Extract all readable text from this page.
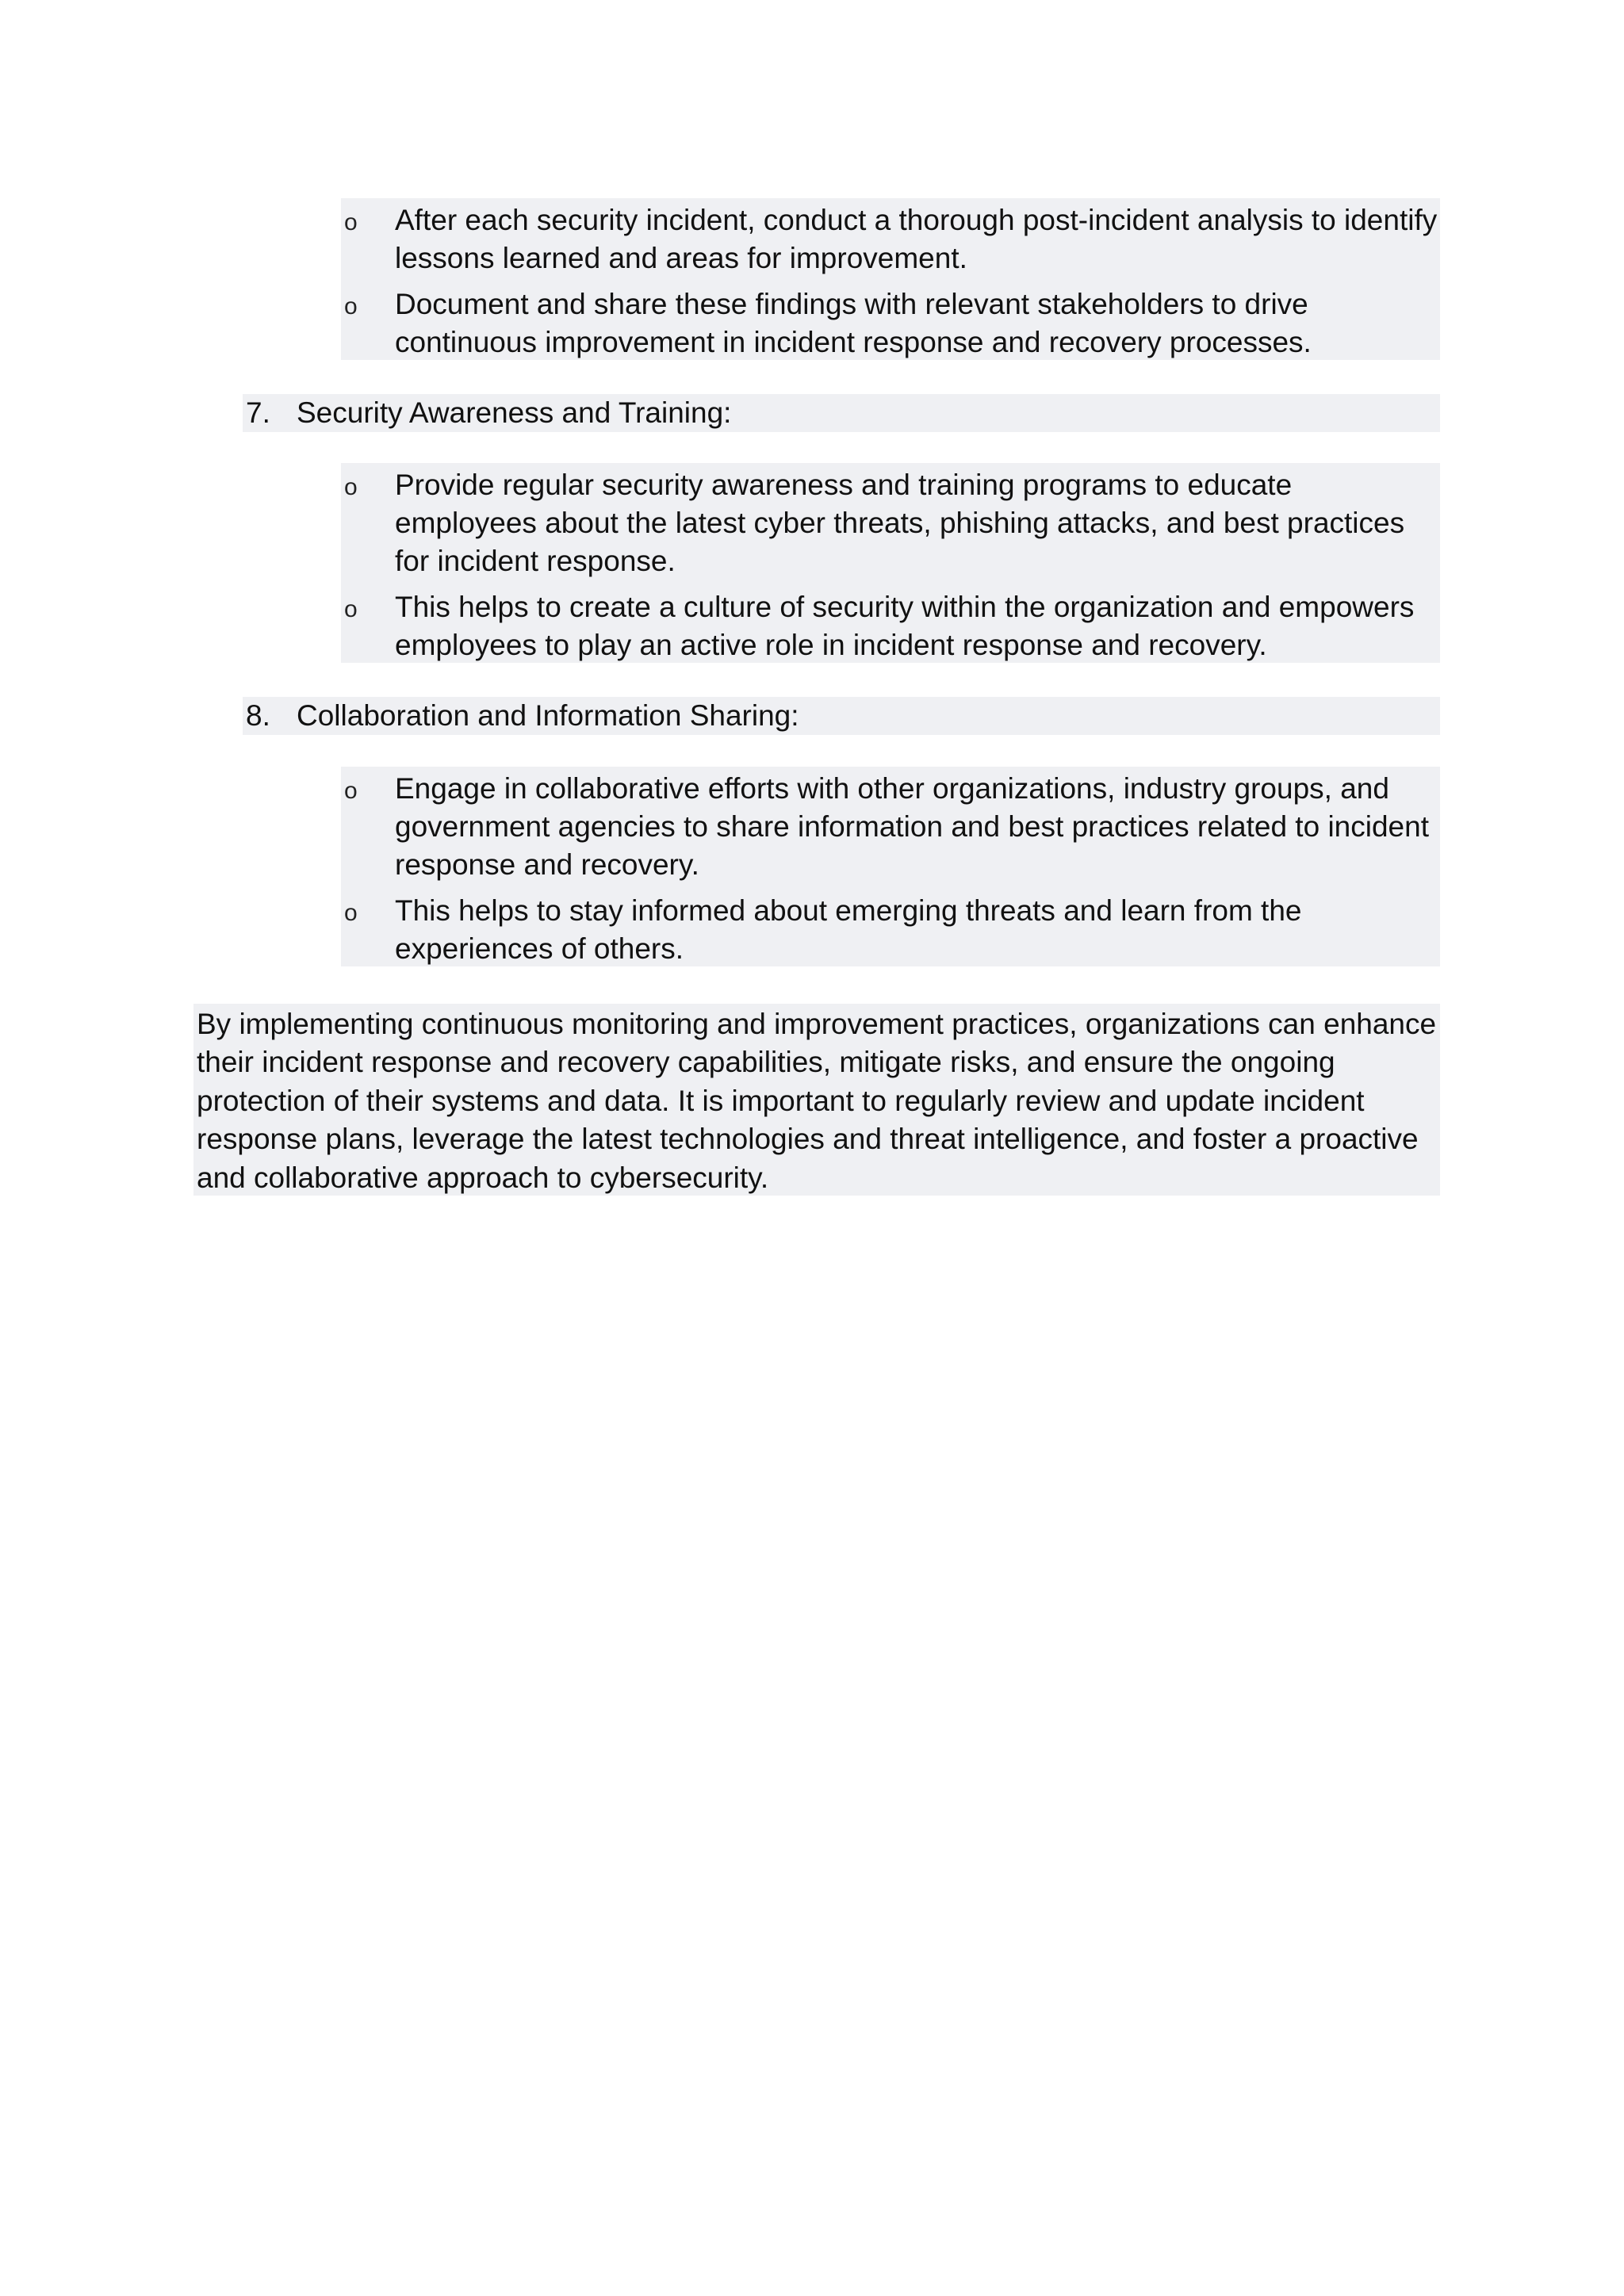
o After each security incident, conduct a thorough post-incident analysis to identify lessons learned and areas for improvement.
o Document and share these findings with relevant stakeholders to drive continuous improvement in incident response and recovery processes.
7. Security Awareness and Training:
o Provide regular security awareness and training programs to educate employees about the latest cyber threats, phishing attacks, and best practices for incident response.
o This helps to create a culture of security within the organization and empowers employees to play an active role in incident response and recovery.
8. Collaboration and Information Sharing:
o Engage in collaborative efforts with other organizations, industry groups, and government agencies to share information and best practices related to incident response and recovery.
o This helps to stay informed about emerging threats and learn from the experiences of others.
By implementing continuous monitoring and improvement practices, organizations can enhance their incident response and recovery capabilities, mitigate risks, and ensure the ongoing protection of their systems and data. It is important to regularly review and update incident response plans, leverage the latest technologies and threat intelligence, and foster a proactive and collaborative approach to cybersecurity.
